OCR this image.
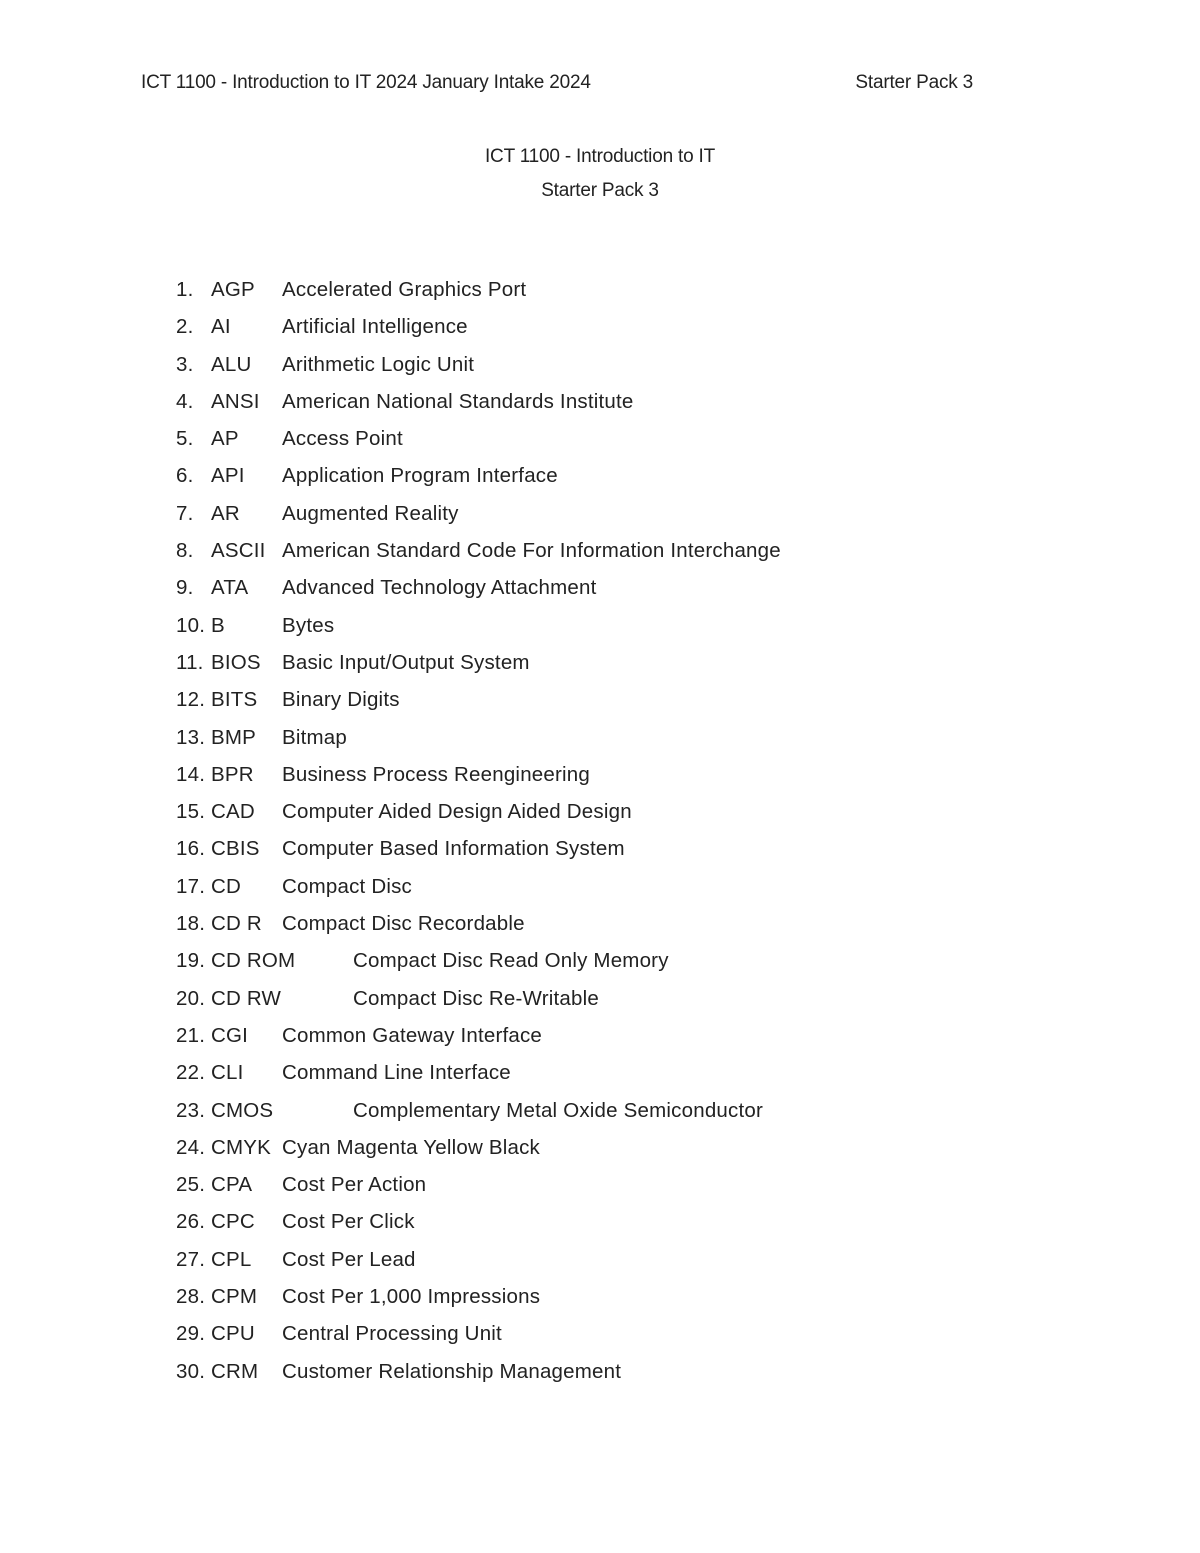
ICT 1100 - Introduction to IT 2024 January Intake 2024	Starter Pack 3
ICT 1100 - Introduction to IT
Starter Pack 3
1. AGP Accelerated Graphics Port
2. AI Artificial Intelligence
3. ALU Arithmetic Logic Unit
4. ANSI American National Standards Institute
5. AP Access Point
6. API Application Program Interface
7. AR Augmented Reality
8. ASCII American Standard Code For Information Interchange
9. ATA Advanced Technology Attachment
10. B	Bytes
11. BIOS Basic Input/Output System
12. BITS Binary Digits
13. BMP Bitmap
14. BPR Business Process Reengineering
15. CAD Computer Aided Design Aided Design
16. CBIS Computer Based Information System
17. CD Compact Disc
18. CD R Compact Disc Recordable
19. CD ROM	Compact Disc Read Only Memory
20. CD RW	Compact Disc Re-Writable
21. CGI Common Gateway Interface
22. CLI Command Line Interface
23. CMOS	Complementary Metal Oxide Semiconductor
24. CMYK Cyan Magenta Yellow Black
25. CPA Cost Per Action
26. CPC Cost Per Click
27. CPL Cost Per Lead
28. CPM Cost Per 1,000 Impressions
29. CPU Central Processing Unit
30. CRM Customer Relationship Management
